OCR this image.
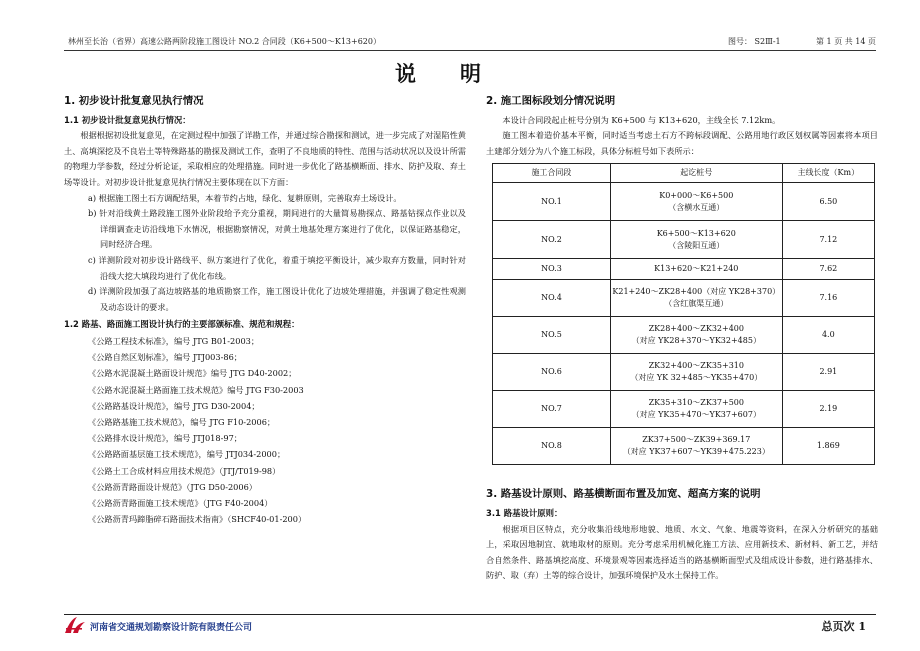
林州至长治（省界）高速公路两阶段施工图设计 NO.2 合同段（K6+500～K13+620）	图号： S2Ⅲ-1	第 1 页 共 14 页
说明
1. 初步设计批复意见执行情况
1.1 初步设计批复意见执行情况：

根据根据初设批复意见，在定测过程中加强了详勘工作，并通过综合勘探和测试，进一步完成了对湿陷性黄土、高填深挖及不良岩土等特殊路基的勘探及测试工作，查明了不良地质的特性、范围与活动状况以及设计所需的物理力学参数，经过分析论证，采取相应的处理措施。同时进一步优化了路基横断面、排水、防护及取、弃土场等设计。对初步设计批复意见执行情况主要体现在以下方面：

a) 根据施工图土石方调配结果，本着节约占地，绿化、复耕原则，完善取弃土场设计。

b) 针对沿线黄土路段施工图外业阶段给予充分重视，期间进行的大量简易勘探点、路基钻探点作业以及详细调查走访沿线地下水情况，根据勘察情况，对黄土地基处理方案进行了优化，以保证路基稳定，同时经济合理。

c) 详测阶段对初步设计路线平、纵方案进行了优化，着重于填挖平衡设计，减少取弃方数量，同时针对沿线大挖大填段均进行了优化布线。

d) 详测阶段加强了高边坡路基的地质勘察工作，施工图设计优化了边坡处理措施，并强调了稳定性观测及动态设计的要求。

1.2 路基、路面施工图设计执行的主要部颁标准、规范和规程：
《公路工程技术标准》，编号 JTG B01-2003；
《公路自然区划标准》，编号 JTJ003-86；
《公路水泥混凝土路面设计规范》编号 JTG D40-2002；
《公路水泥混凝土路面施工技术规范》编号 JTG F30-2003
《公路路基设计规范》，编号 JTG D30-2004；
《公路路基施工技术规范》，编号 JTG F10-2006；
《公路排水设计规范》，编号 JTJ018-97；
《公路路面基层施工技术规范》，编号 JTJ034-2000；
《公路土工合成材料应用技术规范》（JTJ/T019-98）
《公路沥青路面设计规范》（JTG D50-2006）
《公路沥青路面施工技术规范》（JTG F40-2004）
《公路沥青玛蹄脂碎石路面技术指南》（SHCF40-01-200）
2. 施工图标段划分情况说明

本设计合同段起止桩号分别为 K6+500 与 K13+620，主线全长 7.12km。

施工图本着造价基本平衡，同时适当考虑土石方不跨标段调配、公路用地行政区划权属等因素将本项目土建部分划分为八个施工标段，具体分标桩号如下表所示：

施工合同段	起讫桩号	主线长度（Km）
NO.1	K0+000～K6+500
（含横水互通）	6.50
NO.2	K6+500～K13+620
（含陵阳互通）	7.12
NO.3	K13+620～K21+240	7.62
NO.4	K21+240～ZK28+400（对应 YK28+370）
（含红旗渠互通）	7.16
NO.5	ZK28+400～ZK32+400
（对应 YK28+370～YK32+485）	4.0
NO.6	ZK32+400～ZK35+310
（对应 YK 32+485～YK35+470）	2.91
NO.7	ZK35+310～ZK37+500
（对应 YK35+470～YK37+607）	2.19
NO.8	ZK37+500～ZK39+369.17
（对应 YK37+607～YK39+475.223）	1.869
3. 路基设计原则、路基横断面布置及加宽、超高方案的说明
3.1 路基设计原则：

根据项目区特点，充分收集沿线地形地貌、地质、水文、气象、地震等资料，在深入分析研究的基础上，采取因地制宜、就地取材的原则。充分考虑采用机械化施工方法、应用新技术、新材料、新工艺，并结合自然条件、路基填挖高度、环境景观等因素选择适当的路基横断面型式及组成设计参数，进行路基排水、防护、取（弃）土等的综合设计，加强环境保护及水土保持工作。

河南省交通规划勘察设计院有限责任公司	总页次 1
